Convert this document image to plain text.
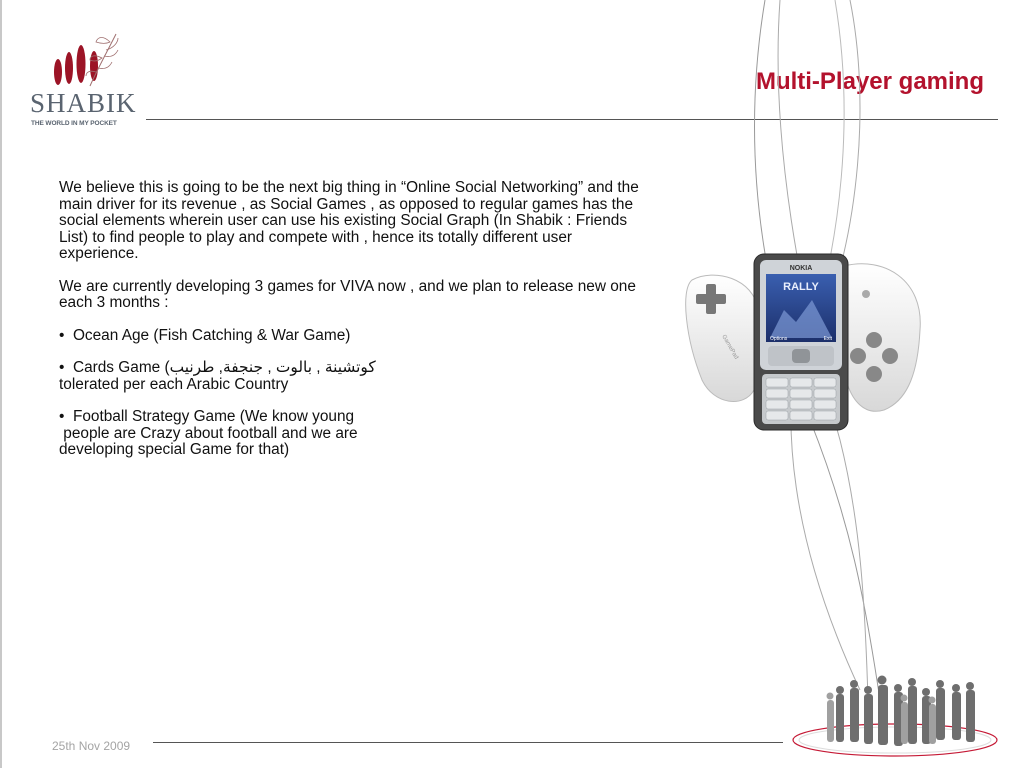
SHABIK
THE WORLD IN MY POCKET
Multi-Player gaming

We believe this is going to be the next big thing in “Online Social Networking” and the main driver for its revenue , as Social Games , as opposed to regular games has the social elements wherein user can use his existing Social Graph (In Shabik : Friends List) to find people to play and compete with , hence its totally different user experience.

We are currently developing 3 games for VIVA now , and we plan to release new one each 3 months :

• Ocean Age (Fish Catching & War Game)

• Cards Game (كوتشينة , بالوت , جنجفة, طرنيب
tolerated per each Arabic Country

• Football Strategy Game (We know young
people are Crazy about football and we are
developing special Game for that)

GamePad
NOKIA
RALLY
Options	Exit
25th Nov 2009
